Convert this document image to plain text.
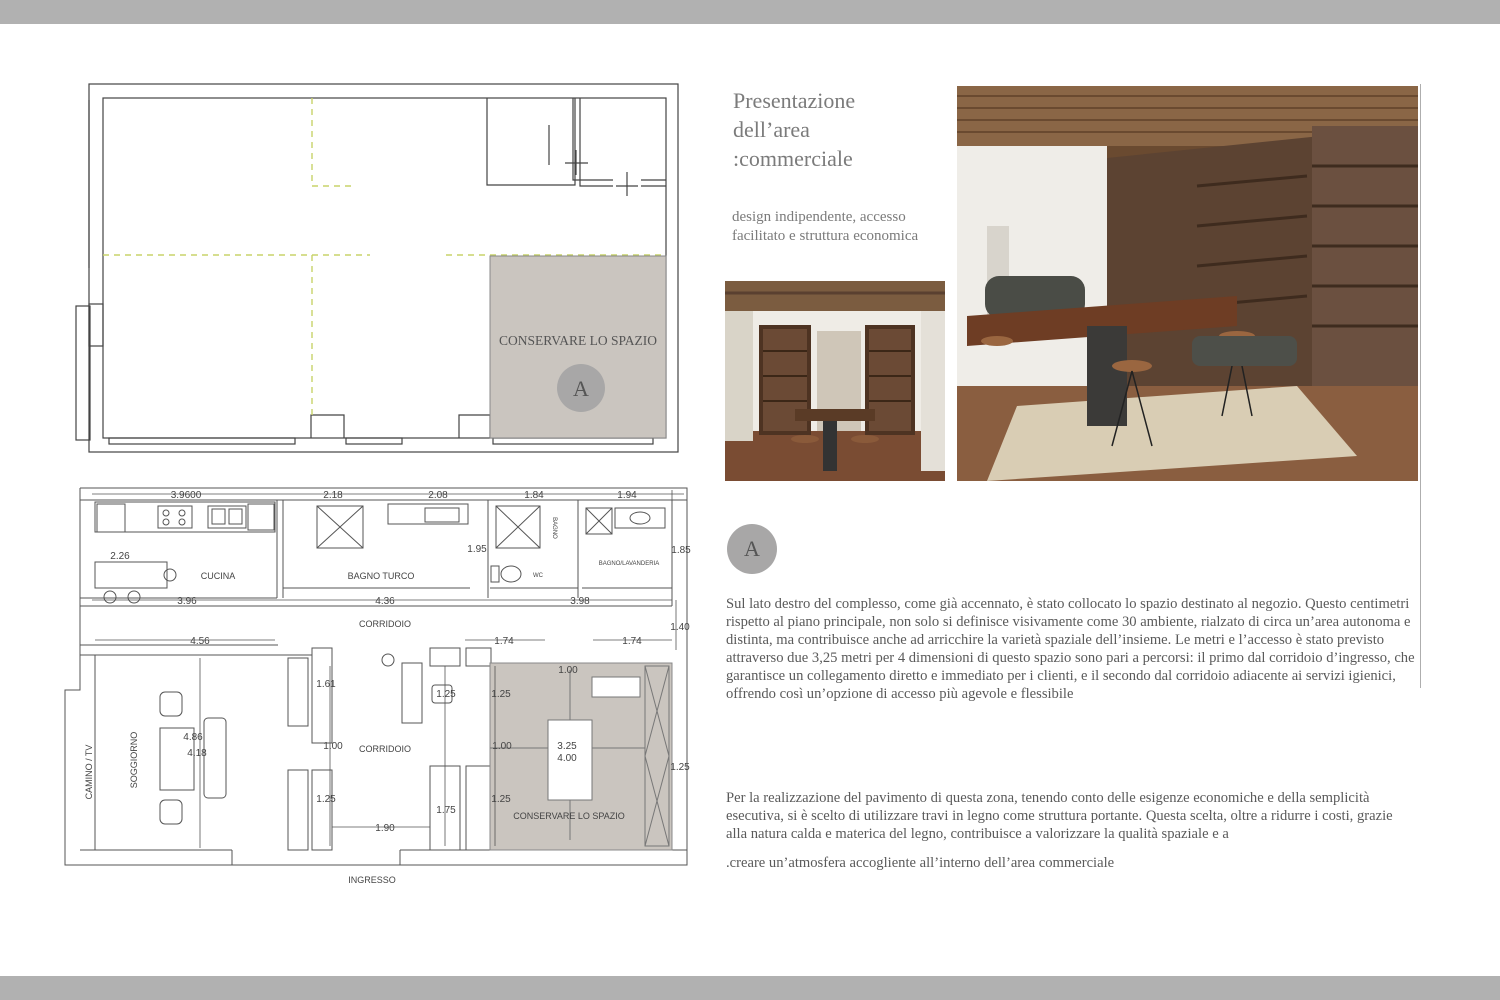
CONSERVARE LO SPAZIO
A
3.9600	2.18	2.08	1.84	1.94
3.96	4.36	3.98
4.56	1.74	1.74
2.26
1.95	1.85
1.40
1.61
1.00
1.25
1.75
1.90
4.86
4.18
1.25
1.00
1.25
1.25
1.00
1.25
3.25
4.00
CUCINA	BAGNO TURCO	WC
BAGNO/LAVANDERIA
CORRIDOIO
CORRIDOIO
CONSERVARE LO SPAZIO
INGRESSO
BAGNO
SOGGIORNO
CAMINO / TV
Presentazione
dell’area
:commerciale
design indipendente, accesso facilitato e struttura economica
A
Sul lato destro del complesso, come già accennato, è stato collocato lo spazio destinato al negozio. Questo centimetri rispetto al piano principale, non solo si definisce visivamente come 30 ambiente, rialzato di circa un’area autonoma e distinta, ma contribuisce anche ad arricchire la varietà spaziale dell’insieme. Le metri e l’accesso è stato previsto attraverso due 3,25 metri per 4 dimensioni di questo spazio sono pari a percorsi: il primo dal corridoio d’ingresso, che garantisce un collegamento diretto e immediato per i clienti, e il secondo dal corridoio adiacente ai servizi igienici, offrendo così un’opzione di accesso più agevole e flessibile
Per la realizzazione del pavimento di questa zona, tenendo conto delle esigenze economiche e della semplicità esecutiva, si è scelto di utilizzare travi in legno come struttura portante. Questa scelta, oltre a ridurre i costi, grazie alla natura calda e materica del legno, contribuisce a valorizzare la qualità spaziale e a
.creare un’atmosfera accogliente all’interno dell’area commerciale
